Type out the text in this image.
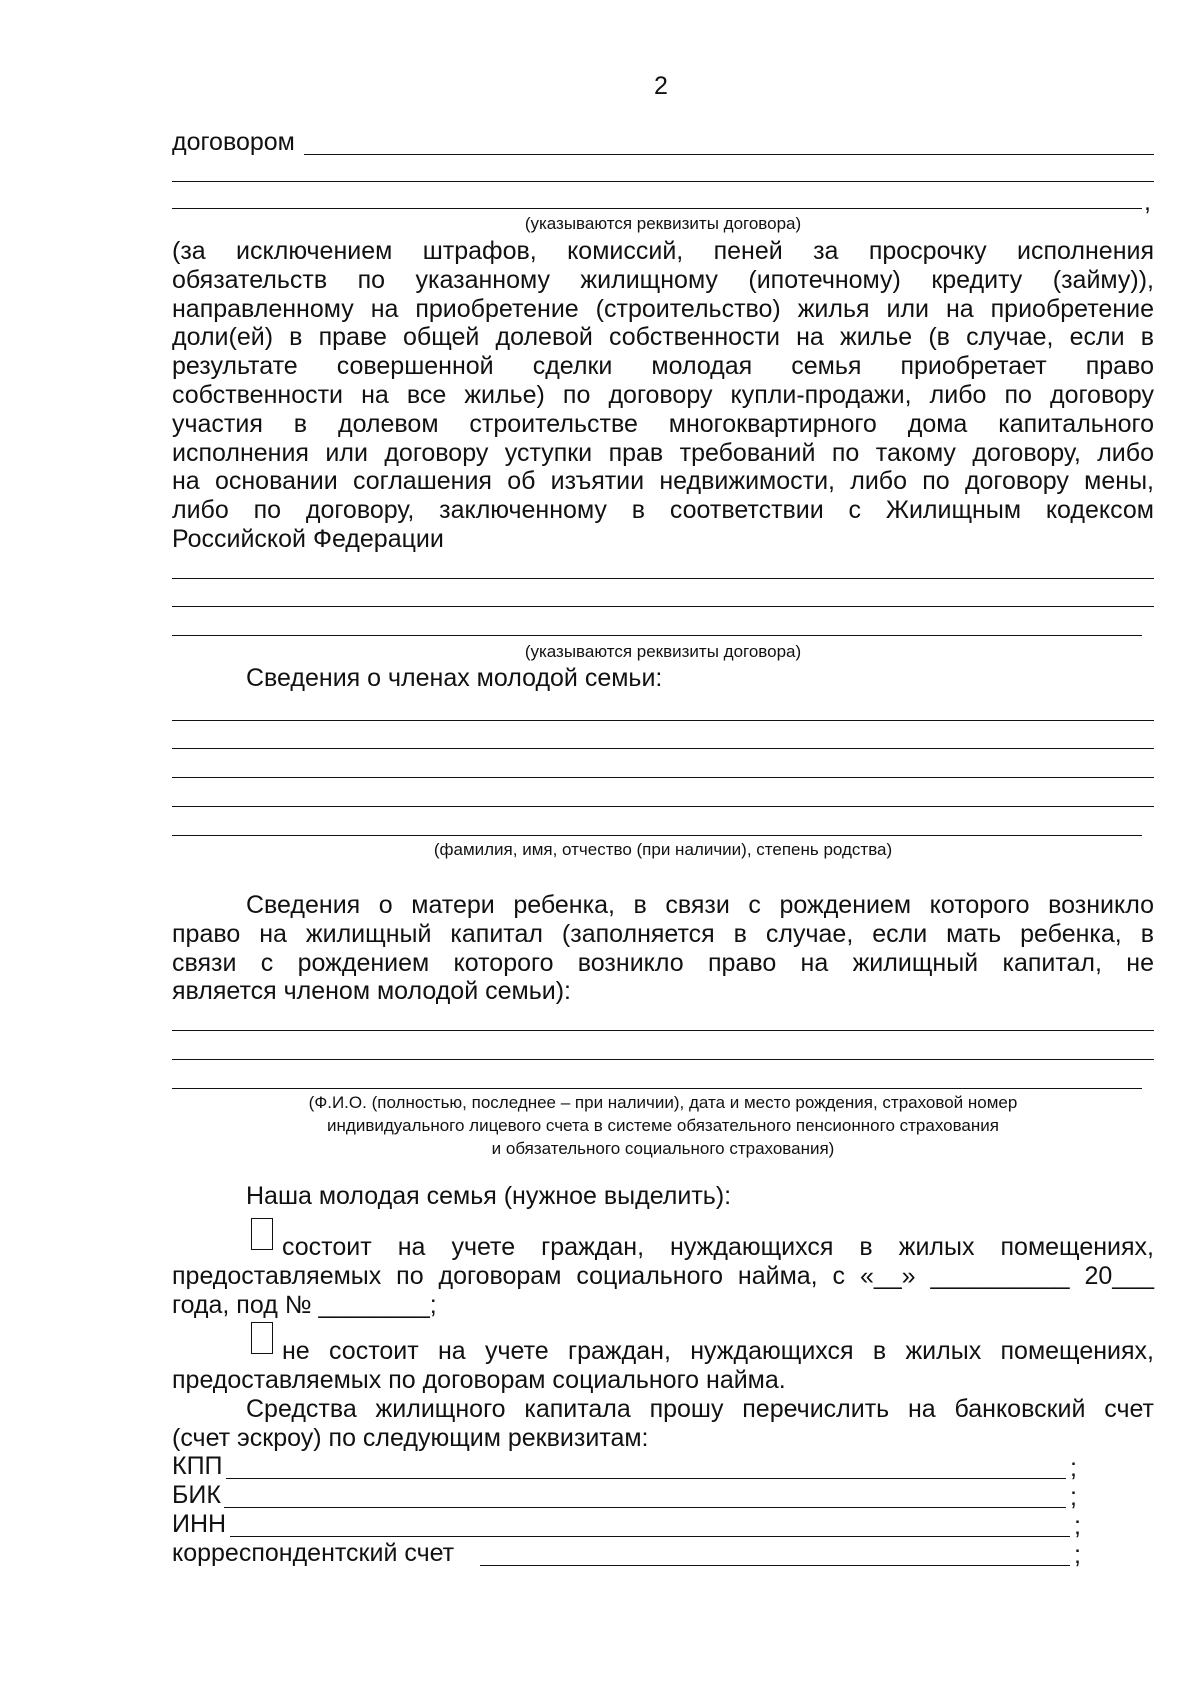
2
договором
,
(указываются реквизиты договора)
(за исключением штрафов, комиссий, пеней за просрочку исполнения
обязательств по указанному жилищному (ипотечному) кредиту (займу)),
направленному на приобретение (строительство) жилья или на приобретение
доли(ей) в праве общей долевой собственности на жилье (в случае, если в
результате совершенной сделки молодая семья приобретает право
собственности на все жилье) по договору купли-продажи, либо по договору
участия в долевом строительстве многоквартирного дома капитального
исполнения или договору уступки прав требований по такому договору, либо
на основании соглашения об изъятии недвижимости, либо по договору мены,
либо по договору, заключенному в соответствии с Жилищным кодексом
Российской Федерации
(указываются реквизиты договора)
Сведения о членах молодой семьи:
(фамилия, имя, отчество (при наличии), степень родства)
Сведения о матери ребенка, в связи с рождением которого возникло
право на жилищный капитал (заполняется в случае, если мать ребенка, в
связи с рождением которого возникло право на жилищный капитал, не
является членом молодой семьи):
(Ф.И.О. (полностью, последнее – при наличии), дата и место рождения, страховой номер
индивидуального лицевого счета в системе обязательного пенсионного страхования
и обязательного социального страхования)
Наша молодая семья (нужное выделить):
состоит на учете граждан, нуждающихся в жилых помещениях,
предоставляемых по договорам социального найма, с «__» __________ 20___
года, под № ________;
не состоит на учете граждан, нуждающихся в жилых помещениях,
предоставляемых по договорам социального найма.
Средства жилищного капитала прошу перечислить на банковский счет
(счет эскроу) по следующим реквизитам:
КПП	;
БИК	;
ИНН	;
корреспондентский счет	;
